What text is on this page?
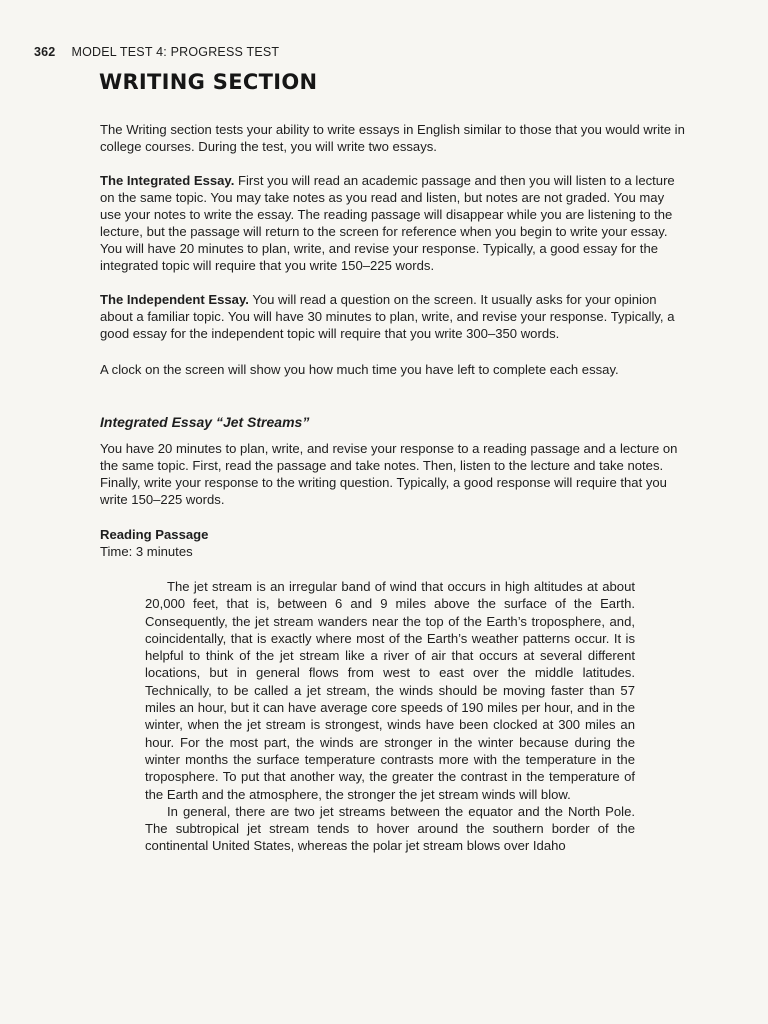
362 MODEL TEST 4: PROGRESS TEST
WRITING SECTION

The Writing section tests your ability to write essays in English similar to those that you would write in college courses. During the test, you will write two essays.

The Integrated Essay. First you will read an academic passage and then you will listen to a lecture on the same topic. You may take notes as you read and listen, but notes are not graded. You may use your notes to write the essay. The reading passage will disappear while you are listening to the lecture, but the passage will return to the screen for reference when you begin to write your essay. You will have 20 minutes to plan, write, and revise your response. Typically, a good essay for the integrated topic will require that you write 150–225 words.

The Independent Essay. You will read a question on the screen. It usually asks for your opinion about a familiar topic. You will have 30 minutes to plan, write, and revise your response. Typically, a good essay for the independent topic will require that you write 300–350 words.

A clock on the screen will show you how much time you have left to complete each essay.

Integrated Essay “Jet Streams”

You have 20 minutes to plan, write, and revise your response to a reading passage and a lecture on the same topic. First, read the passage and take notes. Then, listen to the lecture and take notes. Finally, write your response to the writing question. Typically, a good response will require that you write 150–225 words.

Reading Passage
Time: 3 minutes

The jet stream is an irregular band of wind that occurs in high altitudes at about 20,000 feet, that is, between 6 and 9 miles above the surface of the Earth. Consequently, the jet stream wanders near the top of the Earth’s troposphere, and, coincidentally, that is exactly where most of the Earth’s weather patterns occur. It is helpful to think of the jet stream like a river of air that occurs at several different locations, but in general flows from west to east over the middle latitudes. Technically, to be called a jet stream, the winds should be moving faster than 57 miles an hour, but it can have average core speeds of 190 miles per hour, and in the winter, when the jet stream is strongest, winds have been clocked at 300 miles an hour. For the most part, the winds are stronger in the winter because during the winter months the surface temperature contrasts more with the temperature in the troposphere. To put that another way, the greater the contrast in the temperature of the Earth and the atmosphere, the stronger the jet stream winds will blow.

In general, there are two jet streams between the equator and the North Pole. The subtropical jet stream tends to hover around the southern border of the continental United States, whereas the polar jet stream blows over Idaho
